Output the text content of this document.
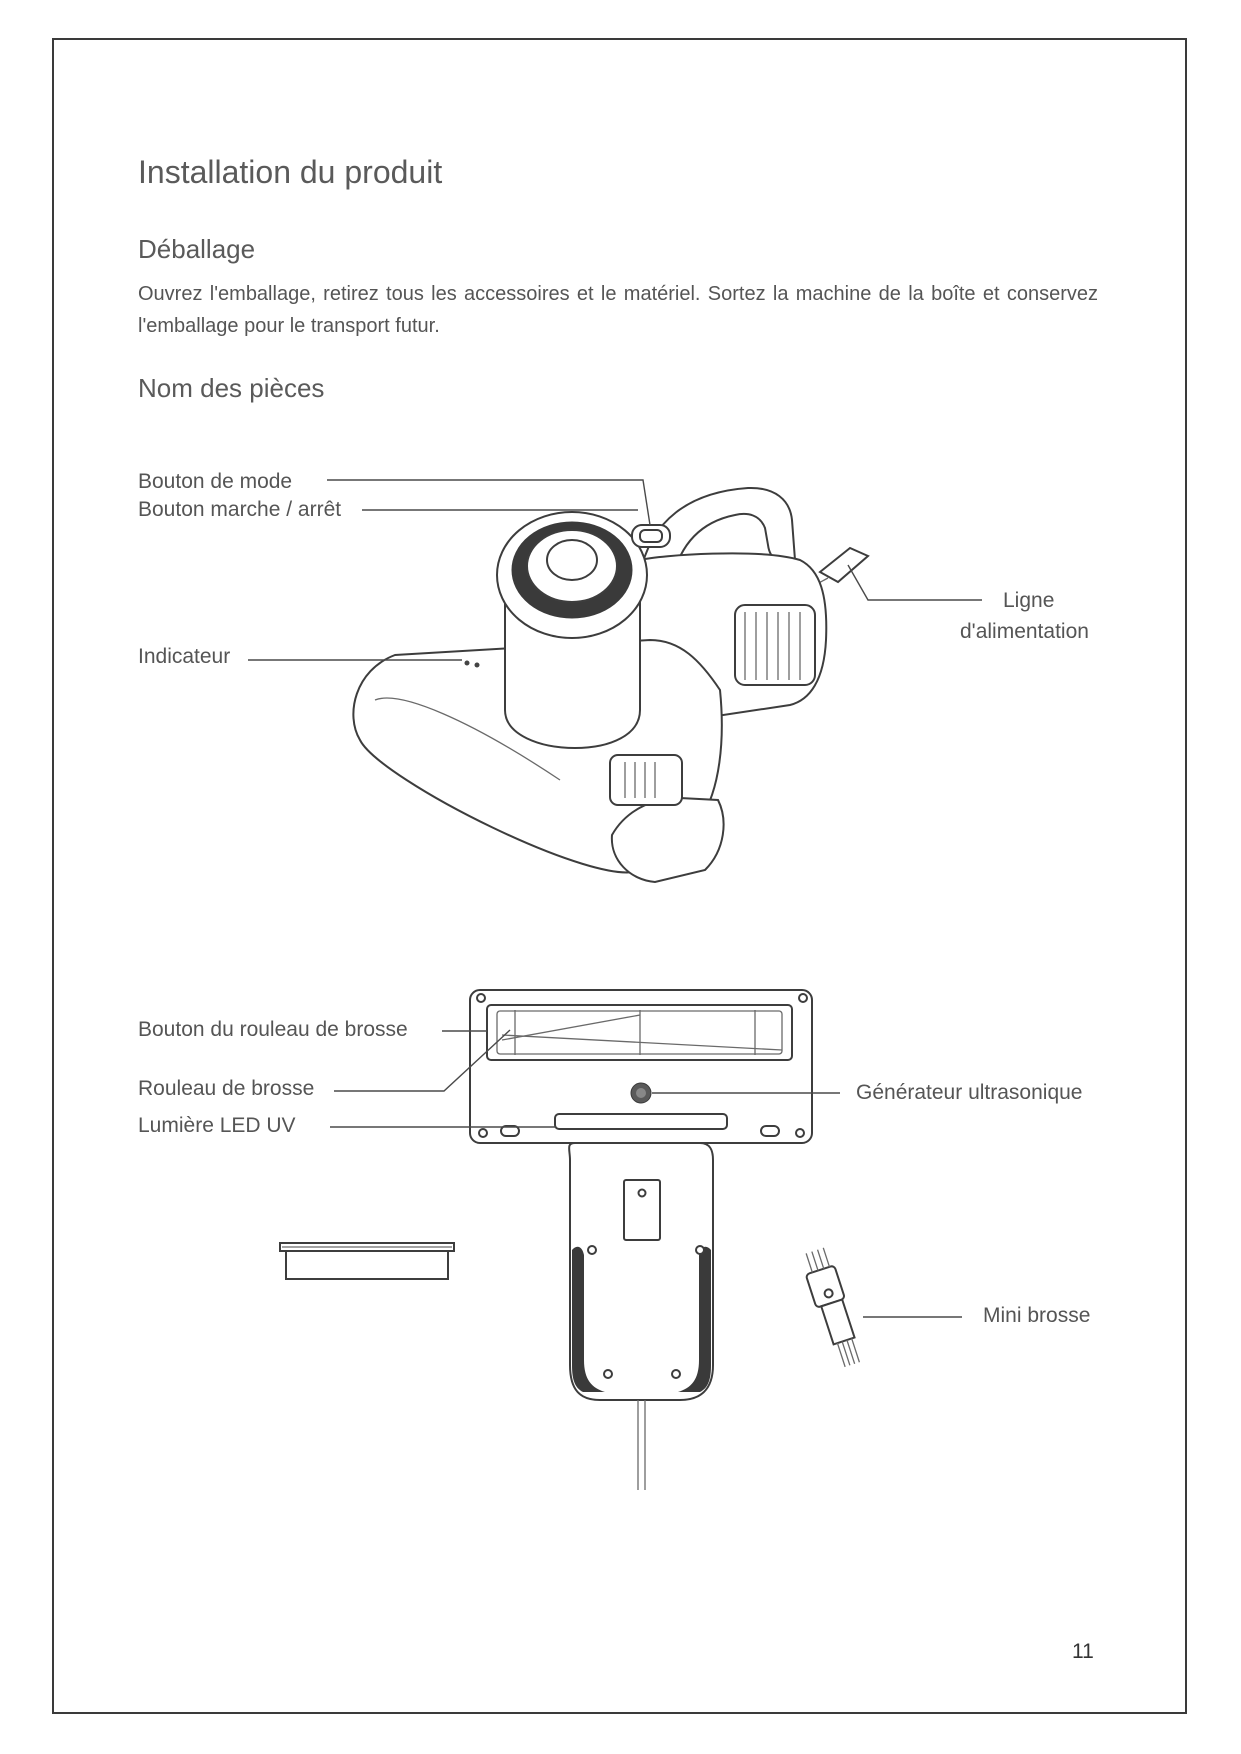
Installation du produit
Déballage
Ouvrez l'emballage, retirez tous les accessoires et le matériel. Sortez la machine de la boîte et conservez l'emballage pour le transport futur.
Nom des pièces
Bouton de mode
Bouton marche / arrêt
Indicateur
Ligne
d'alimentation
Bouton du rouleau de brosse
Rouleau de brosse
Lumière LED UV
Générateur ultrasonique
Mini brosse
11
